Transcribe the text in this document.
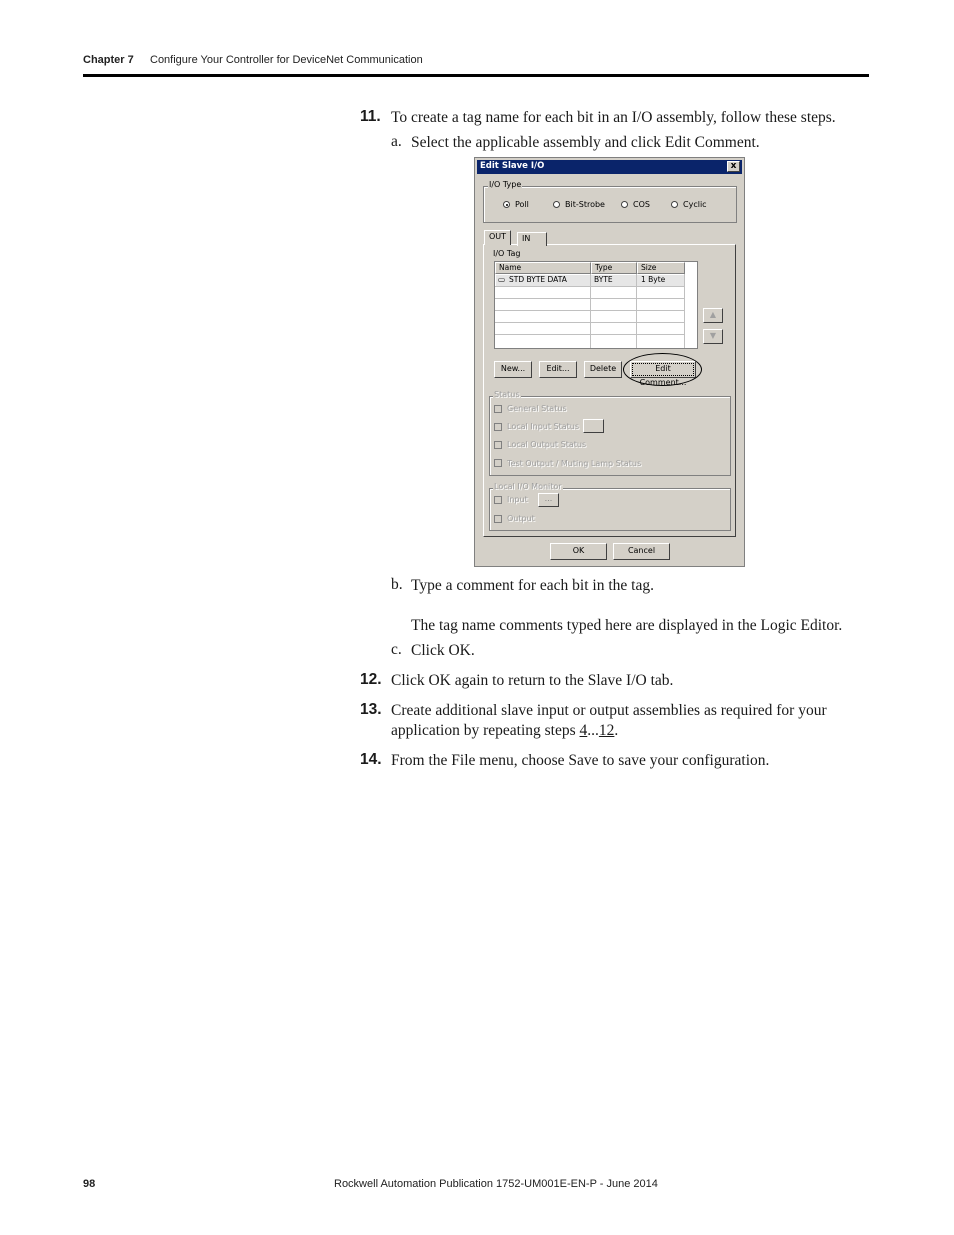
Chapter 7 Configure Your Controller for DeviceNet Communication
11. To create a tag name for each bit in an I/O assembly, follow these steps.
a. Select the applicable assembly and click Edit Comment.
Edit Slave I/O	x
I/O Type
Poll	Bit-Strobe	COS	Cyclic
OUT	IN
I/O Tag
Name	Type	Size
▭ STD BYTE DATA	BYTE	1 Byte
▲
▼
New...	Edit...	Delete	Edit Comment...
Status
General Status
Local Input Status
Local Output Status
Test Output / Muting Lamp Status
Local I/O Monitor
Input	...
Output
OK	Cancel
b. Type a comment for each bit in the tag.
The tag name comments typed here are displayed in the Logic Editor.
c. Click OK.
12. Click OK again to return to the Slave I/O tab.
13. Create additional slave input or output assemblies as required for your
application by repeating steps 4...12.
14. From the File menu, choose Save to save your configuration.
98	Rockwell Automation Publication 1752-UM001E-EN-P - June 2014
